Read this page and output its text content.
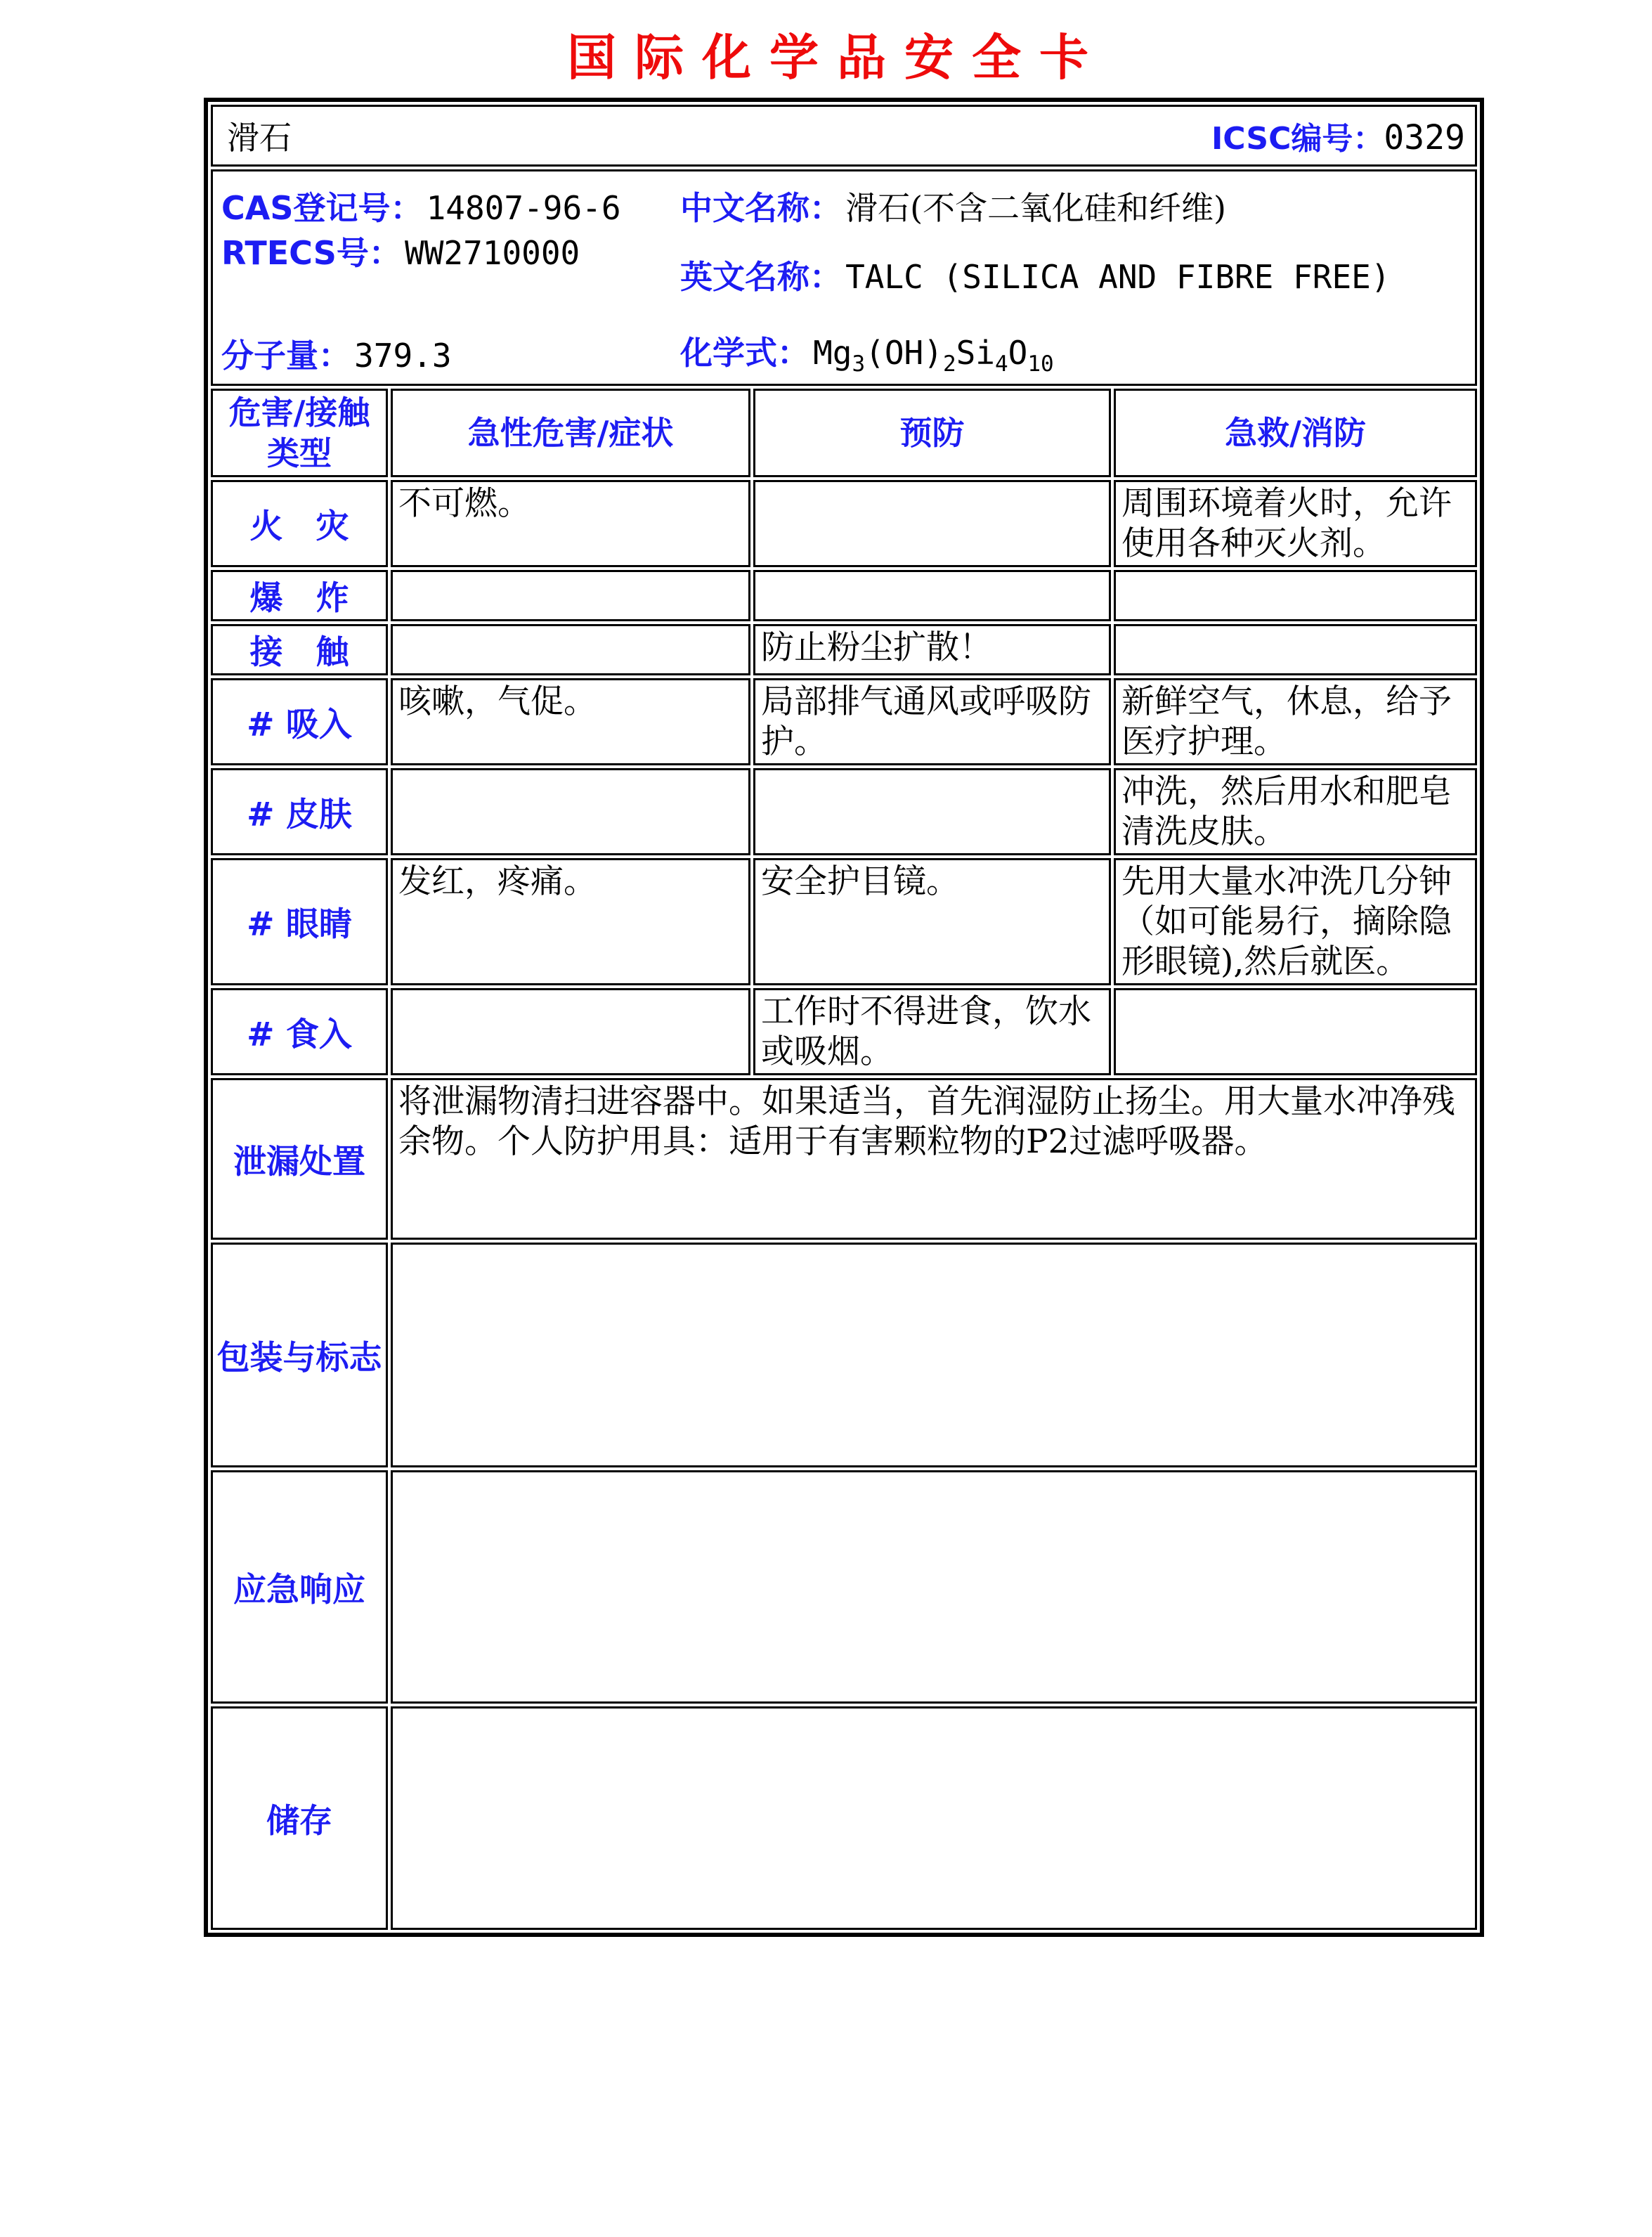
国际化学品安全卡
滑石 ICSC编号：0329			

CAS登记号： 14807-96-6
RTECS号： WW2710000
分子量： 379.3
中文名称： 滑石(不含二氧化硅和纤维)
英文名称： TALC (SILICA AND FIBRE FREE)
化学式： $Mg_3(OH)_2Si_4O_{10}$

危害/接触
类型	急性危害/症状	预防	急救/消防
火　灾	不可燃。		周围环境着火时，允许使用各种灭火剂。
爆　炸			
接　触		防止粉尘扩散！	
# 吸入	咳嗽，气促。	局部排气通风或呼吸防护。	新鲜空气，休息，给予医疗护理。
# 皮肤			冲洗，然后用水和肥皂清洗皮肤。
# 眼睛	发红，疼痛。	安全护目镜。	先用大量水冲洗几分钟（如可能易行，摘除隐形眼镜),然后就医。
# 食入		工作时不得进食，饮水或吸烟。	
泄漏处置	将泄漏物清扫进容器中。如果适当，首先润湿防止扬尘。用大量水冲净残余物。个人防护用具：适用于有害颗粒物的P2过滤呼吸器。		
包装与标志			
应急响应			
储存			
